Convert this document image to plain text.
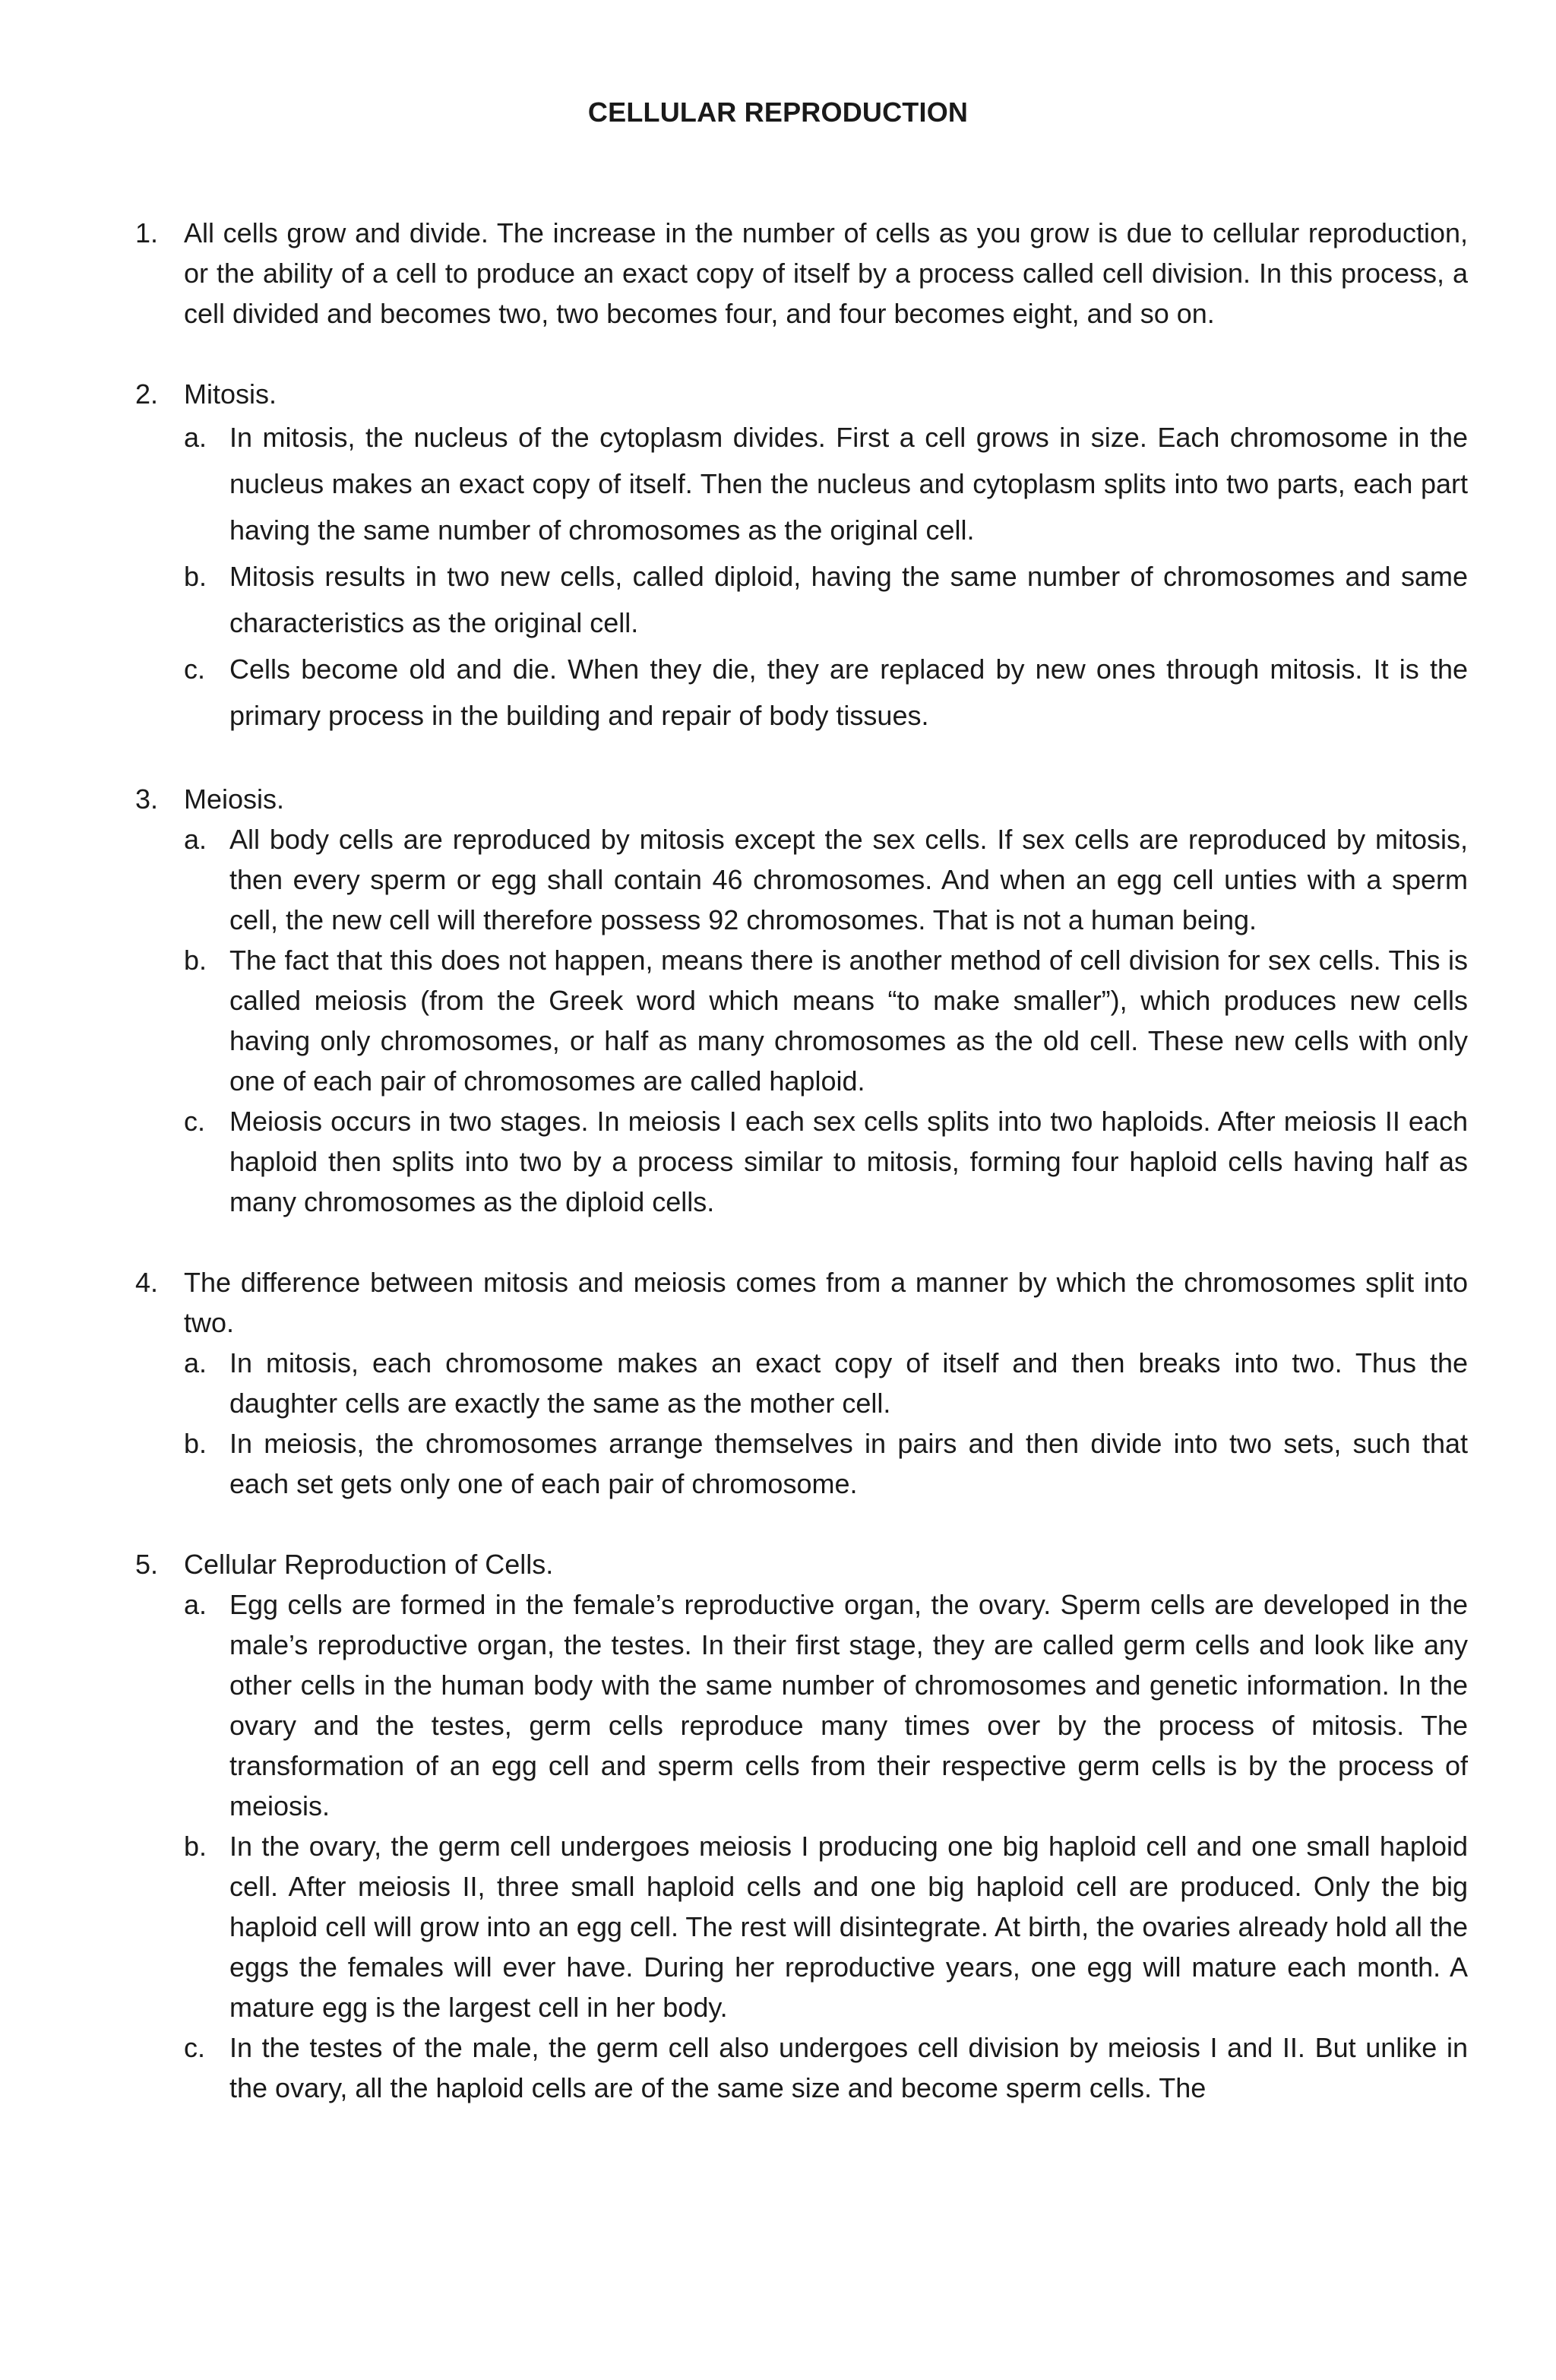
CELLULAR REPRODUCTION
1. All cells grow and divide. The increase in the number of cells as you grow is due to cellular reproduction, or the ability of a cell to produce an exact copy of itself by a process called cell division. In this process, a cell divided and becomes two, two becomes four, and four becomes eight, and so on.
2. Mitosis.
a. In mitosis, the nucleus of the cytoplasm divides. First a cell grows in size. Each chromosome in the nucleus makes an exact copy of itself. Then the nucleus and cytoplasm splits into two parts, each part having the same number of chromosomes as the original cell.
b. Mitosis results in two new cells, called diploid, having the same number of chromosomes and same characteristics as the original cell.
c. Cells become old and die. When they die, they are replaced by new ones through mitosis. It is the primary process in the building and repair of body tissues.
3. Meiosis.
a. All body cells are reproduced by mitosis except the sex cells. If sex cells are reproduced by mitosis, then every sperm or egg shall contain 46 chromosomes. And when an egg cell unties with a sperm cell, the new cell will therefore possess 92 chromosomes. That is not a human being.
b. The fact that this does not happen, means there is another method of cell division for sex cells. This is called meiosis (from the Greek word which means “to make smaller”), which produces new cells having only chromosomes, or half as many chromosomes as the old cell. These new cells with only one of each pair of chromosomes are called haploid.
c. Meiosis occurs in two stages. In meiosis I each sex cells splits into two haploids. After meiosis II each haploid then splits into two by a process similar to mitosis, forming four haploid cells having half as many chromosomes as the diploid cells.
4. The difference between mitosis and meiosis comes from a manner by which the chromosomes split into two.
a. In mitosis, each chromosome makes an exact copy of itself and then breaks into two. Thus the daughter cells are exactly the same as the mother cell.
b. In meiosis, the chromosomes arrange themselves in pairs and then divide into two sets, such that each set gets only one of each pair of chromosome.
5. Cellular Reproduction of Cells.
a. Egg cells are formed in the female’s reproductive organ, the ovary. Sperm cells are developed in the male’s reproductive organ, the testes. In their first stage, they are called germ cells and look like any other cells in the human body with the same number of chromosomes and genetic information. In the ovary and the testes, germ cells reproduce many times over by the process of mitosis. The transformation of an egg cell and sperm cells from their respective germ cells is by the process of meiosis.
b. In the ovary, the germ cell undergoes meiosis I producing one big haploid cell and one small haploid cell. After meiosis II, three small haploid cells and one big haploid cell are produced. Only the big haploid cell will grow into an egg cell. The rest will disintegrate. At birth, the ovaries already hold all the eggs the females will ever have. During her reproductive years, one egg will mature each month. A mature egg is the largest cell in her body.
c. In the testes of the male, the germ cell also undergoes cell division by meiosis I and II. But unlike in the ovary, all the haploid cells are of the same size and become sperm cells. The
